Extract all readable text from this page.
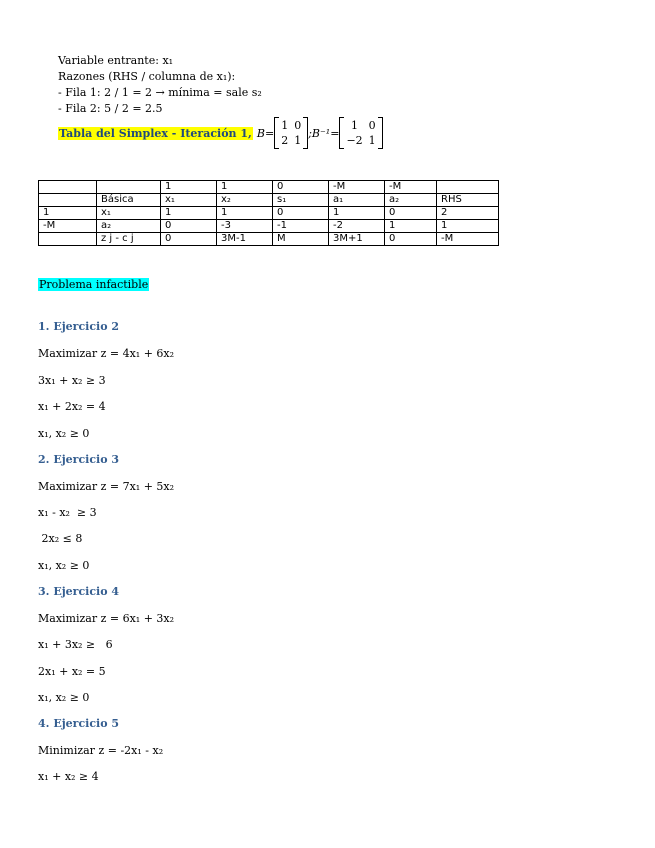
Variable entrante: x₁
Razones (RHS / columna de x₁):
- Fila 1: 2 / 1 = 2 → mínima = sale s₂
- Fila 2: 5 / 2 = 2.5
Tabla del Simplex - Iteración 1, B=
1 0
2 1
; B⁻¹=
1 0
−2 1
		1	1	0	-M	-M	
	Básica	x₁	x₂	s₁	a₁	a₂	RHS
1	x₁	1	1	0	1	0	2
-M	a₂	0	-3	-1	-2	1	1
	z j - c j	0	3M-1	M	3M+1	0	-M
Problema infactible
1. Ejercicio 2
Maximizar z = 4x₁ + 6x₂
3x₁ + x₂ ≥ 3
x₁ + 2x₂ = 4
x₁, x₂ ≥ 0
2. Ejercicio 3
Maximizar z = 7x₁ + 5x₂
x₁ - x₂  ≥ 3
2x₂ ≤ 8
x₁, x₂ ≥ 0
3. Ejercicio 4
Maximizar z = 6x₁ + 3x₂
x₁ + 3x₂ ≥   6
2x₁ + x₂ = 5
x₁, x₂ ≥ 0
4. Ejercicio 5
Minimizar z = -2x₁ - x₂
x₁ + x₂ ≥ 4
